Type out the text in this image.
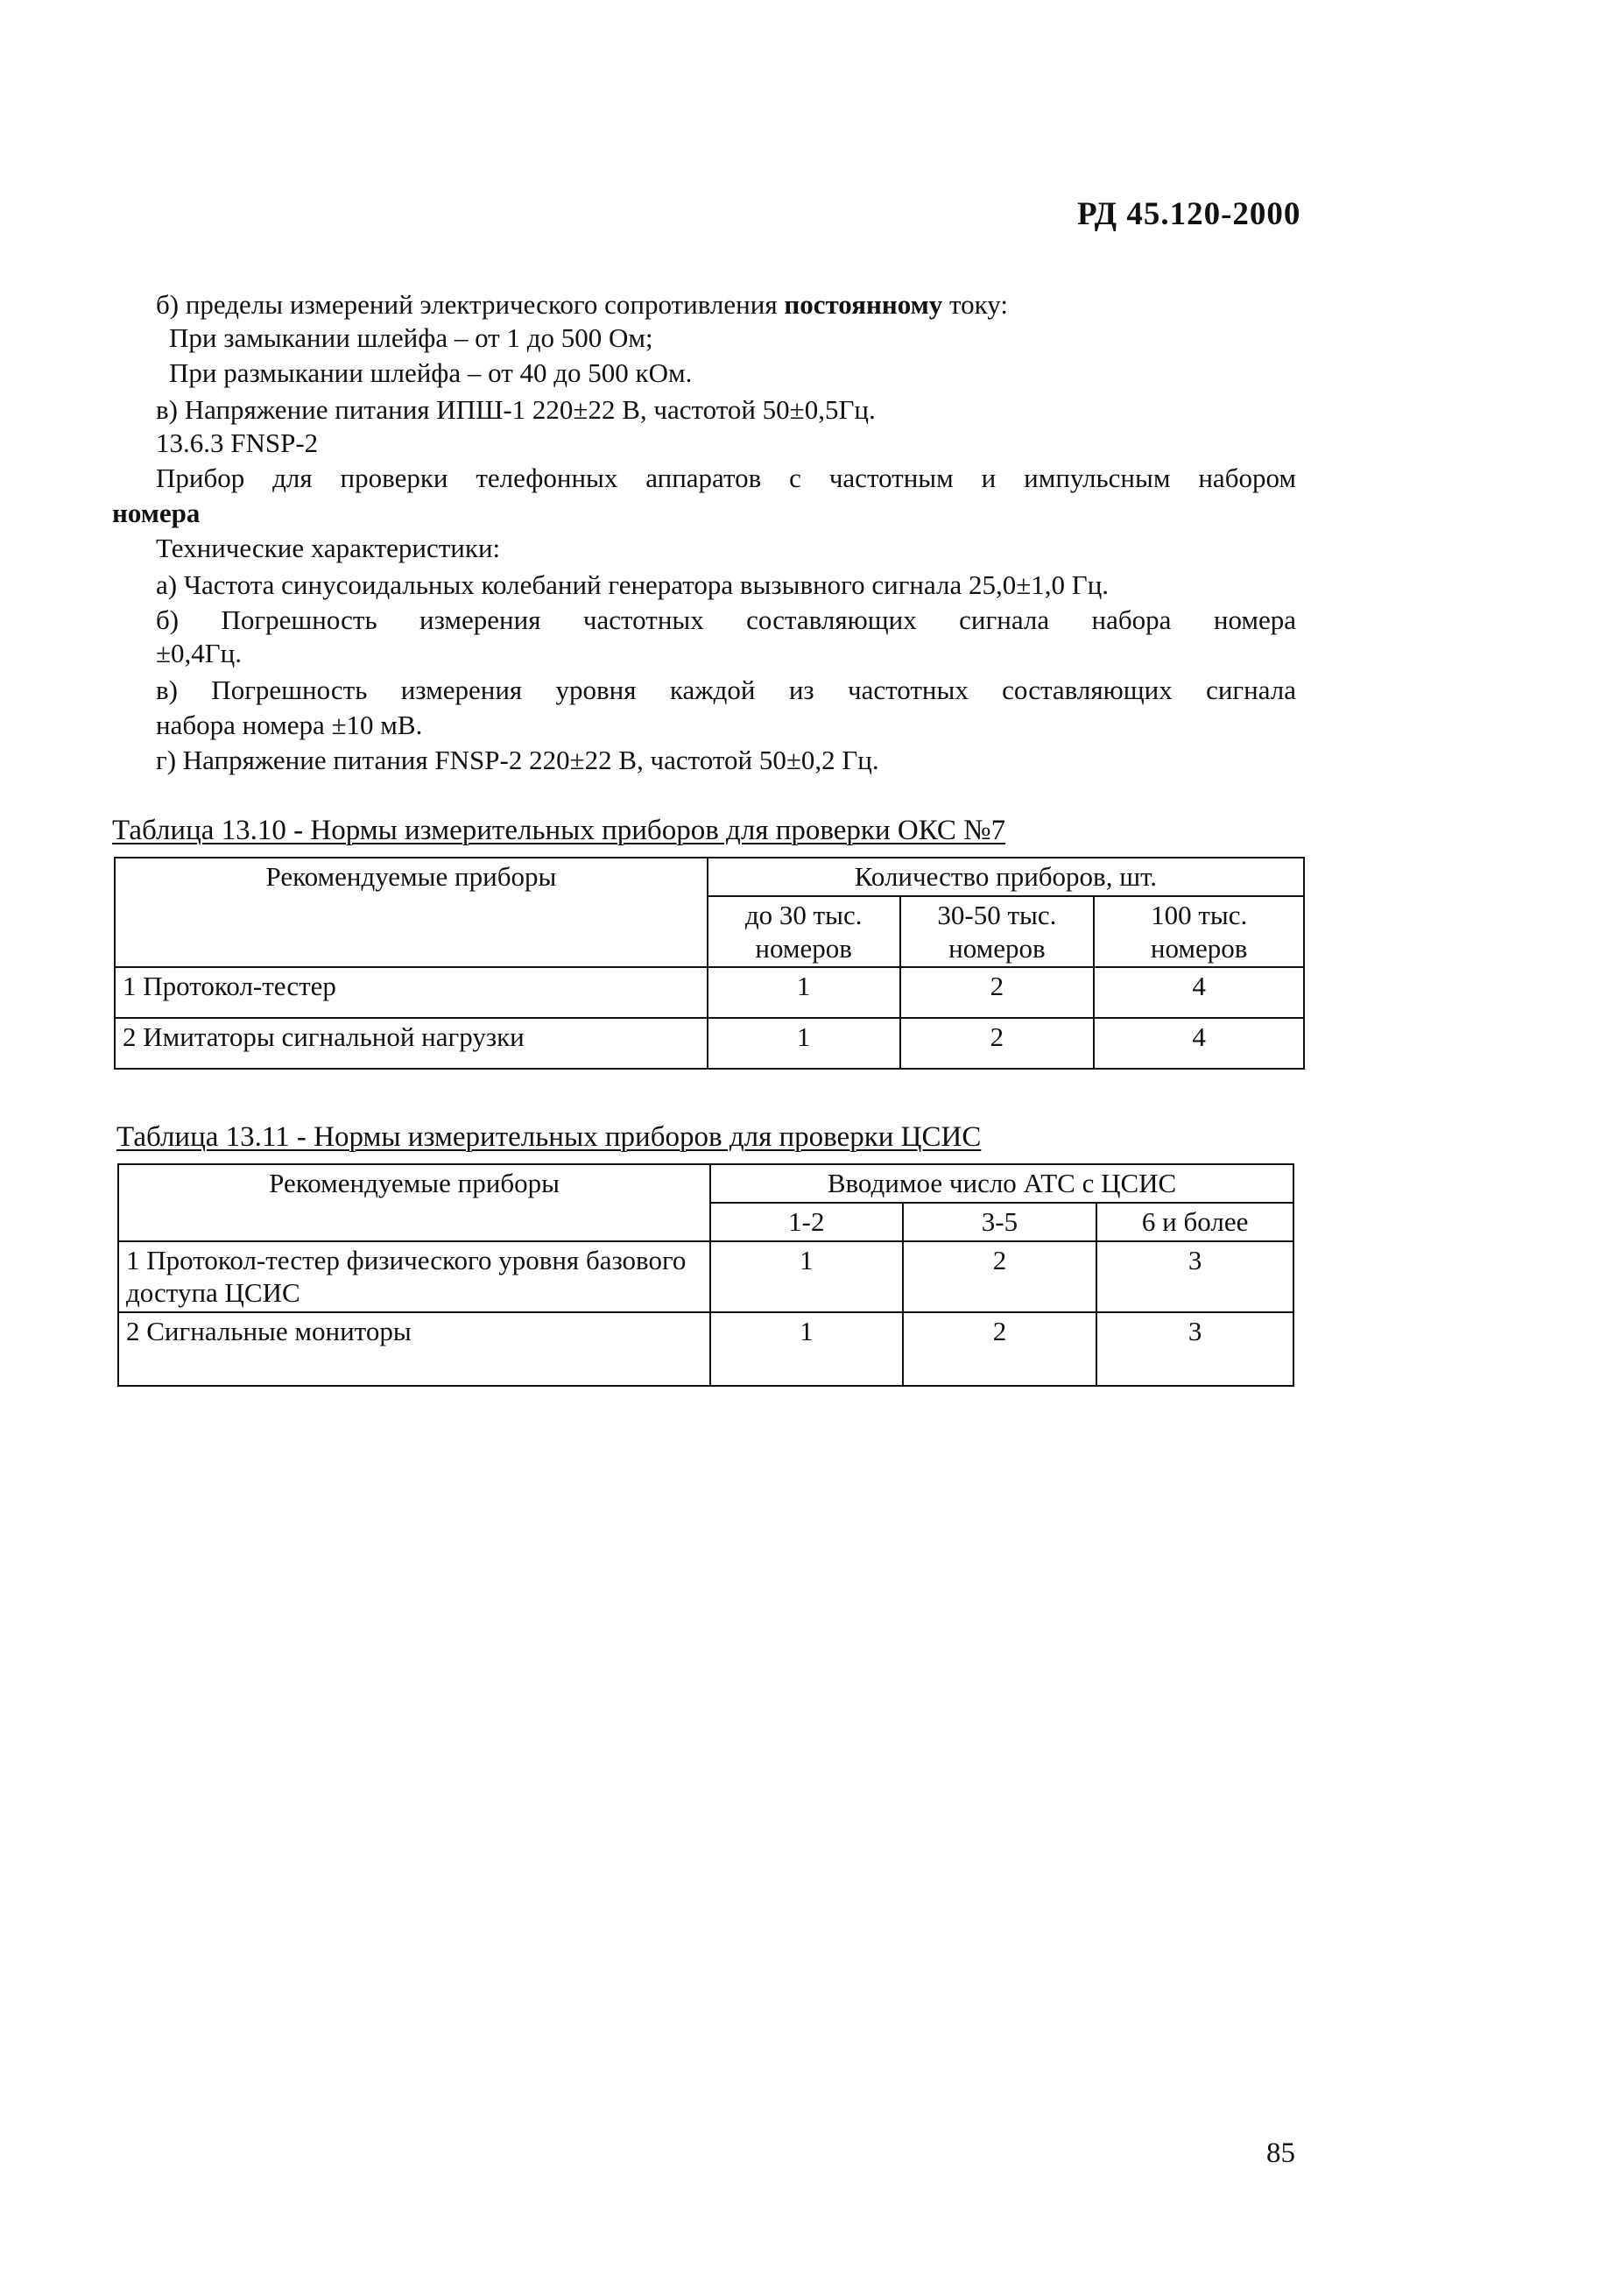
РД 45.120-2000
б) пределы измерений электрического сопротивления постоянному току:
При замыкании шлейфа – от 1 до 500 Ом;
При размыкании шлейфа – от 40 до 500 кОм.
в) Напряжение питания ИПШ-1 220±22 В, частотой 50±0,5Гц.
13.6.3 FNSP-2
Прибор для проверки телефонных аппаратов с частотным и импульсным набором
номера
Технические характеристики:
а) Частота синусоидальных колебаний генератора вызывного сигнала 25,0±1,0 Гц.
б) Погрешность измерения частотных составляющих сигнала набора номера
±0,4Гц.
в) Погрешность измерения уровня каждой из частотных составляющих сигнала
набора номера ±10 мВ.
г) Напряжение питания FNSP-2 220±22 В, частотой 50±0,2 Гц.
Таблица 13.10 - Нормы измерительных приборов для проверки ОКС №7
Рекомендуемые приборы	Количество приборов, шт.		
	до 30 тыс. номеров	30-50 тыс. номеров	100 тыс. номеров
1 Протокол-тестер	1	2	4
2 Имитаторы сигнальной нагрузки	1	2	4
Таблица 13.11 - Нормы измерительных приборов для проверки ЦСИС
Рекомендуемые приборы	Вводимое число АТС с ЦСИС		
	1-2	3-5	6 и более
1 Протокол-тестер физического уровня базового доступа ЦСИС	1	2	3
2 Сигнальные мониторы	1	2	3
85
